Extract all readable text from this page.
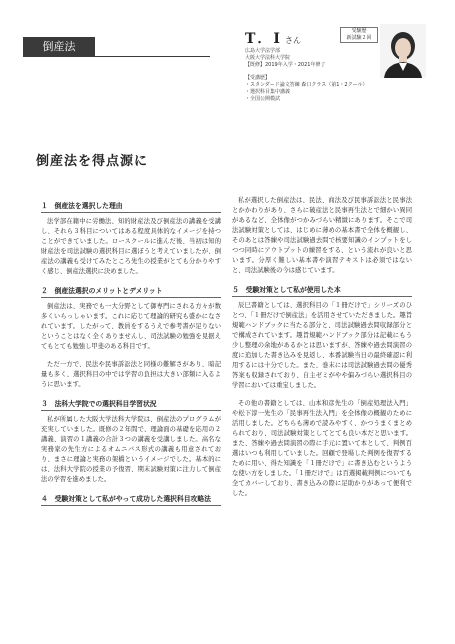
倒産法	T．I さん
広島大学法学部
大阪大学法科大学院
【既修】2019年入学・2021年修了
【受講歴】
・スタンダード論文答練 森口クラス（第1・2クール）
・選択科目集中講義
・全国公開模試
受験歴
新試験２回
倒産法を得点源に
１　倒産法を選択した理由

法学部在籍中に労働法、知的財産法及び倒産法の講義を受講し、それら３科目についてはある程度具体的なイメージを持つことができていました。ロースクールに進んだ後、当初は知的財産法を司法試験の選択科目に選ぼうと考えていましたが、倒産法の講義も受けてみたところ先生の授業がとても分かりやすく感じ、倒産法選択に決めました。

２　倒産法選択のメリットとデメリット

倒産法は、実務でも一大分野として御専門にされる方々が数多くいらっしゃいます。これに応じて理論的研究も盛かになされています。したがって、教員をするうえで参考書が足りないということはなく全くありませんし、司法試験の勉強を見据えてもとても勉強し甲斐のある科目です。

ただ一方で、民法や民事訴訟法と同様の難解さがあり、暗記量も多く、選択科目の中では学習の負担は大きい部類に入るように思います。

３　法科大学院での選択科目学習状況

私が所属した大阪大学法科大学院は、倒産法のプログラムが充実していました。既修の２年間で、理論面の基礎を応用の２講義、演習の１講義の合計３つの講義を受講しました。高名な実務家の先生方によるオムニバス形式の講義も用意されており、まさに理論と実務の架橋というイメージでした。基本的には、法科大学院の授業の予復習、期末試験対策に注力して倒産法の学習を進めました。

４　受験対策として私がやって成功した選択科目攻略法

私が選択した倒産法は、民法、商法及び民事訴訟法と民事法とかかわりがあり、さらに破産法と民事再生法とで細かい異同があるなど、全体像がつかみづらい精緻にあります。そこで司法試験対策としては、はじめに薄めの基本書で全体を概観し、そのあとは答練や司法試験過去問で核要知識のインプットをしつつ同時にアウトプットの練習をする、という流れが良いと思います。分厚く難しい基本書や演習テキストは必須ではないと、司法試験後の今は感じています。

５　受験対策として私が使用した本

辰巳書籍としては、選択科目の「１冊だけで」シリーズのひとつ、「１冊だけで倒産法」を活用させていただきました。趣旨規範ハンドブックに当たる部分と、司法試験過去問収録部分とで構成されています。趣旨規範ハンドブック部分は記載にもう少し整理の余地があるかとは思いますが、答練や過去問演習の度に追加した書き込みを見返し、本番試験当日の最終確認に利用するには十分でした。また、巻末には司法試験過去問の優秀答案も収録されており、自主ゼミがやや偏みづらい選択科目の学習においては重宝しました。

その他の書籍としては、山本和彦先生の「倒産処理法入門」や松下淳一先生の「民事再生法入門」を全体像の概観のために活用しました。どちらも薄めで読みやすく、かつうまくまとめられており、司法試験対策としてとても良い本だと思います。また、答練や過去問演習の際に手元に置いて本として、判例百選はいつも利用していました。回顧で登場した判例を復習するために用い、得た知識を「１冊だけで」に書き込むというような使い方をしました。「１冊だけで」は百選掲載判例についても全てカバーしており、書き込みの際に足助かりがあって便利でした。
